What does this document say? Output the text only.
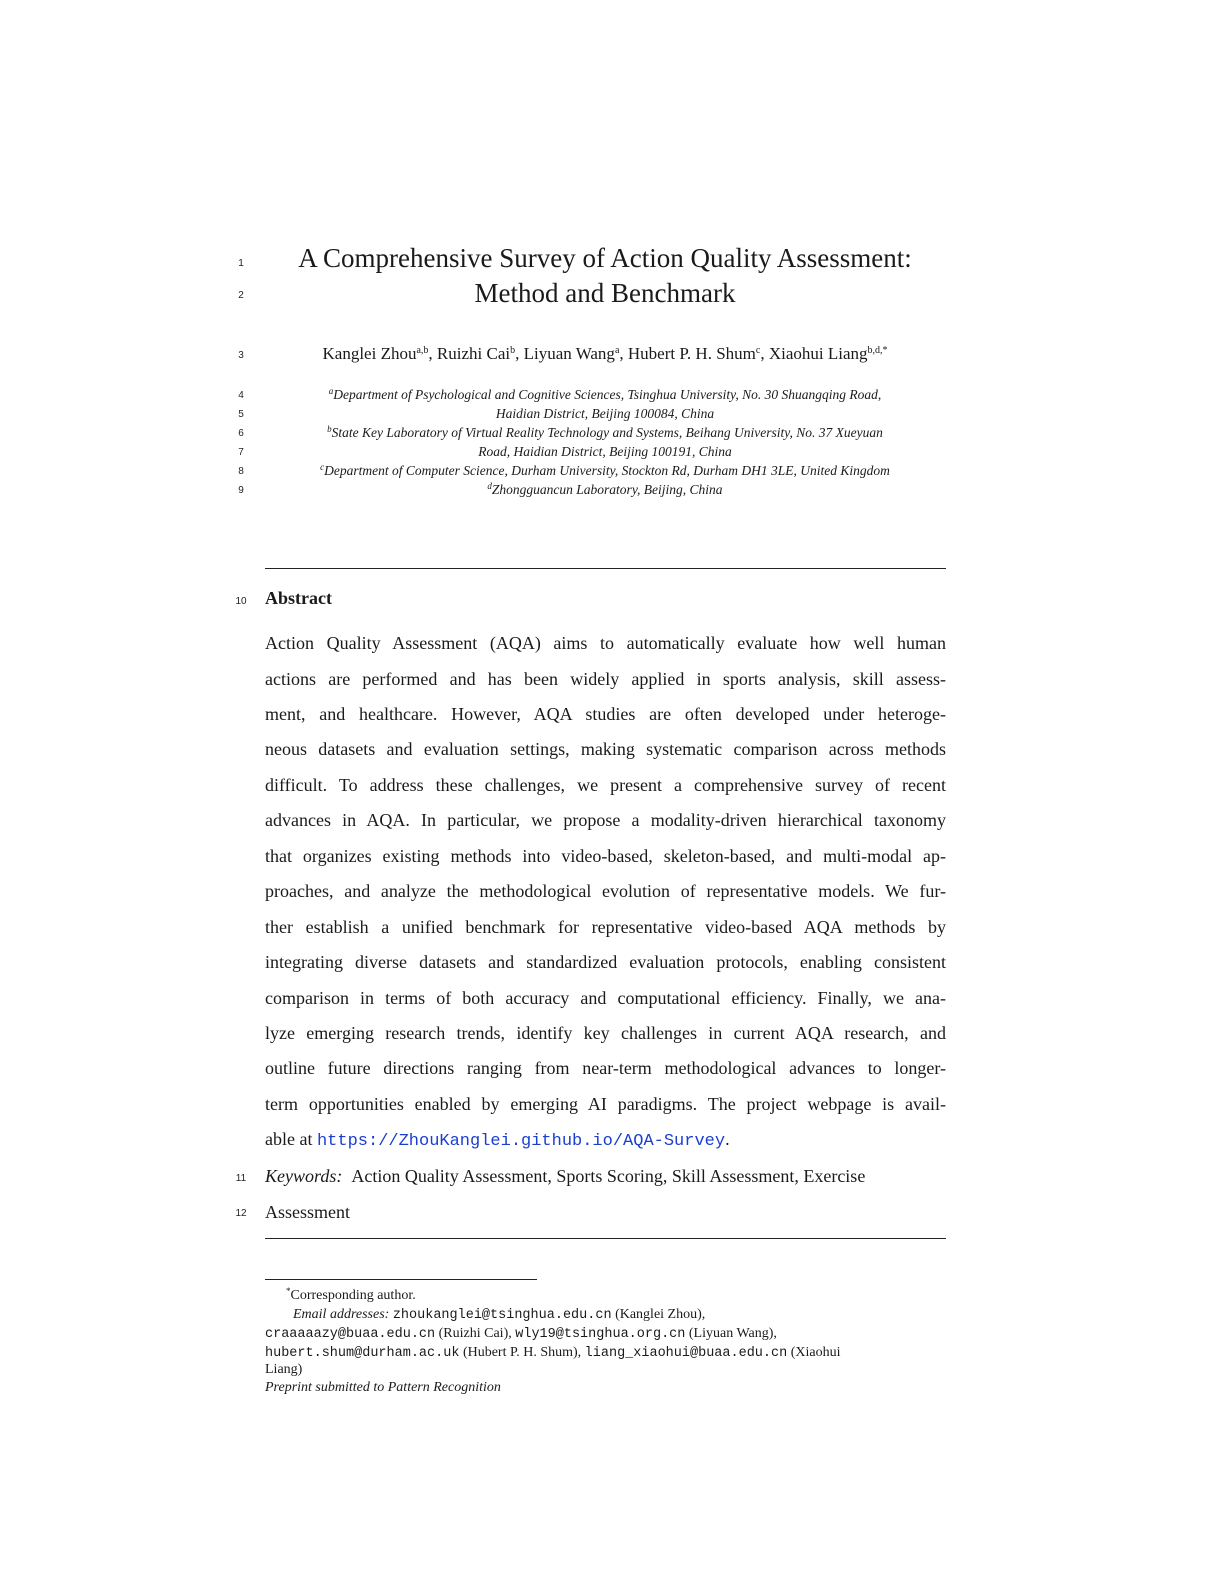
1
2
3
4
5
6
7
8
9
10
11
12
A Comprehensive Survey of Action Quality Assessment:
Method and Benchmark
Kanglei Zhou$^{a,b}$, Ruizhi Cai$^b$, Liyuan Wang$^a$, Hubert P. H. Shum$^c$, Xiaohui Liang$^{b,d,*}$
$^a$Department of Psychological and Cognitive Sciences, Tsinghua University, No. 30 Shuangqing Road,
Haidian District, Beijing 100084, China
$^b$State Key Laboratory of Virtual Reality Technology and Systems, Beihang University, No. 37 Xueyuan
Road, Haidian District, Beijing 100191, China
$^c$Department of Computer Science, Durham University, Stockton Rd, Durham DH1 3LE, United Kingdom
$^d$Zhongguancun Laboratory, Beijing, China
Abstract
Action Quality Assessment (AQA) aims to automatically evaluate how well human
actions are performed and has been widely applied in sports analysis, skill assess-
ment, and healthcare. However, AQA studies are often developed under heteroge-
neous datasets and evaluation settings, making systematic comparison across methods
difficult. To address these challenges, we present a comprehensive survey of recent
advances in AQA. In particular, we propose a modality-driven hierarchical taxonomy
that organizes existing methods into video-based, skeleton-based, and multi-modal ap-
proaches, and analyze the methodological evolution of representative models. We fur-
ther establish a unified benchmark for representative video-based AQA methods by
integrating diverse datasets and standardized evaluation protocols, enabling consistent
comparison in terms of both accuracy and computational efficiency. Finally, we ana-
lyze emerging research trends, identify key challenges in current AQA research, and
outline future directions ranging from near-term methodological advances to longer-
term opportunities enabled by emerging AI paradigms. The project webpage is avail-
able at https://ZhouKanglei.github.io/AQA-Survey.
Keywords: Action Quality Assessment, Sports Scoring, Skill Assessment, Exercise
Assessment
*Corresponding author.
Email addresses: zhoukanglei@tsinghua.edu.cn (Kanglei Zhou),
craaaaazy@buaa.edu.cn (Ruizhi Cai), wly19@tsinghua.org.cn (Liyuan Wang),
hubert.shum@durham.ac.uk (Hubert P. H. Shum), liang_xiaohui@buaa.edu.cn (Xiaohui
Liang)
Preprint submitted to Pattern Recognition
